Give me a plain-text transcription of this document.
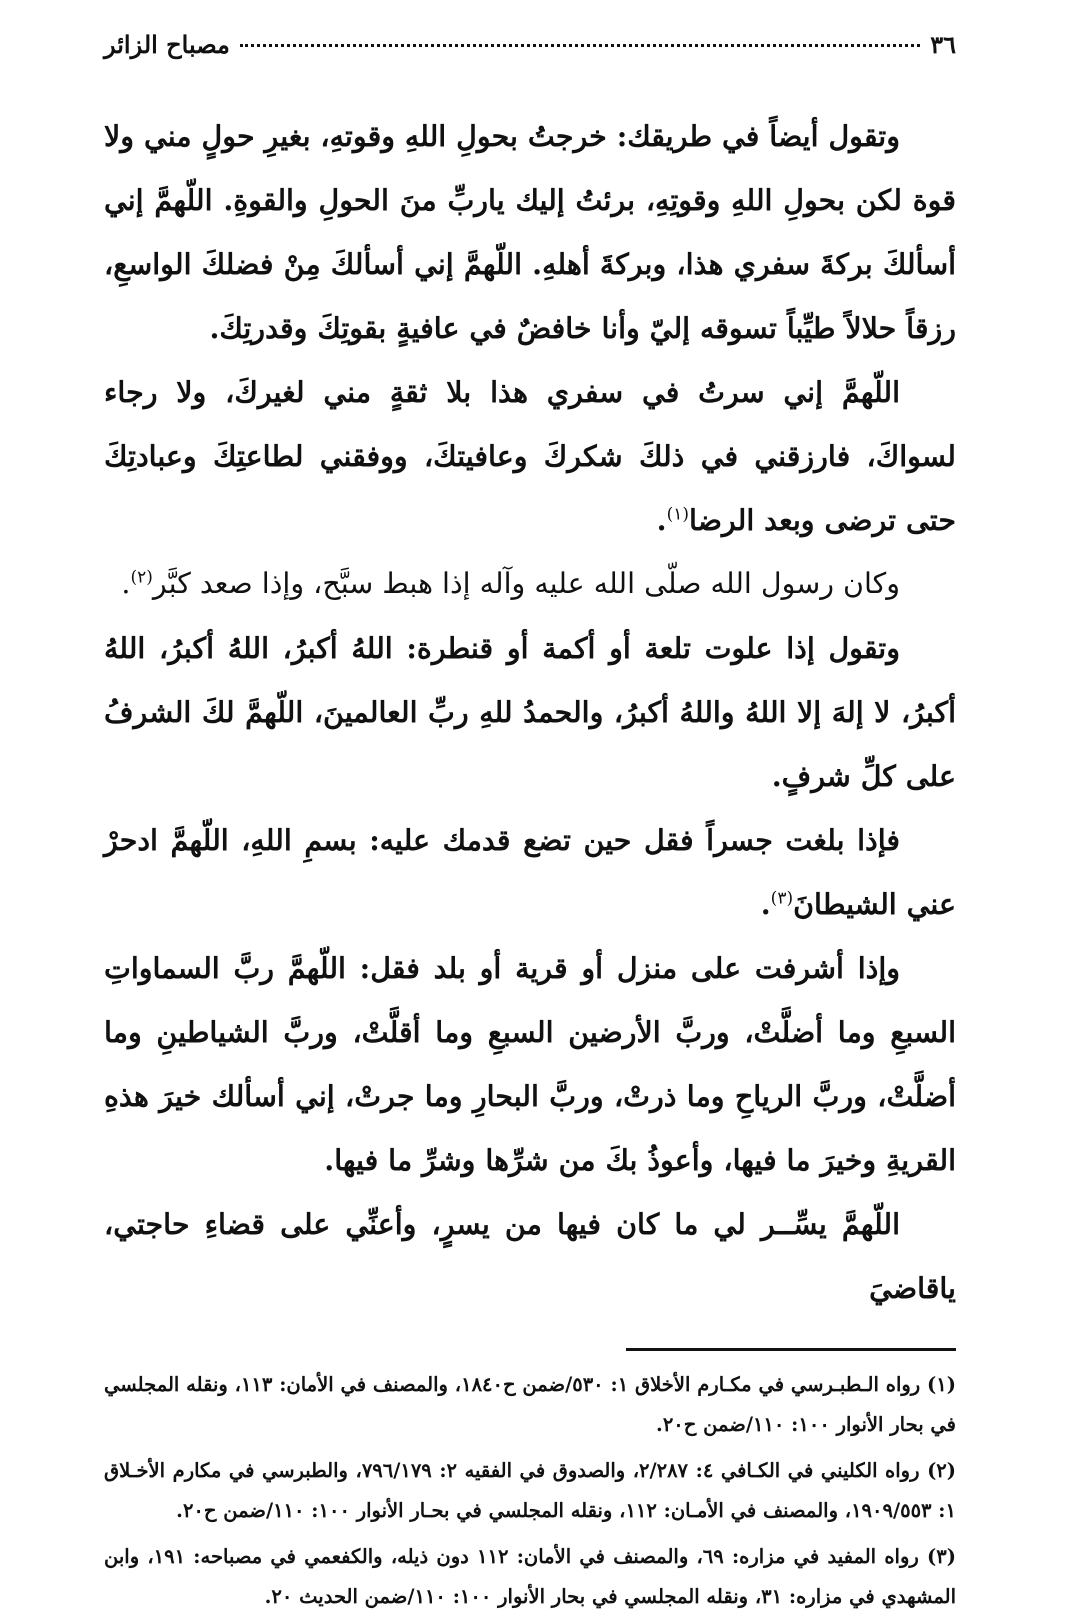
٣٦
مصباح الزائر

وتقول أيضاً في طريقك: خرجتُ بحولِ اللهِ وقوتهِ، بغيرِ حولٍ مني ولا قوة لكن بحولِ اللهِ وقوتِهِ، برئتُ إليك ياربِّ منَ الحولِ والقوةِ. اللّهمَّ إني أسألكَ بركةَ سفري هذا، وبركةَ أهلهِ. اللّهمَّ إني أسألكَ مِنْ فضلكَ الواسعِ، رزقاً حلالاً طيِّباً تسوقه إليّ وأنا خافضٌ في عافيةٍ بقوتِكَ وقدرتِكَ.

اللّهمَّ إني سرتُ في سفري هذا بلا ثقةٍ مني لغيركَ، ولا رجاء لسواكَ، فارزقني في ذلكَ شكركَ وعافيتكَ، ووفقني لطاعتِكَ وعبادتِكَ حتى ترضى وبعد الرضا$^{(١)}$.

وكان رسول الله صلّى الله عليه وآله إذا هبط سبَّح، وإذا صعد كبَّر$^{(٢)}$.

وتقول إذا علوت تلعة أو أكمة أو قنطرة: اللهُ أكبرُ، اللهُ أكبرُ، اللهُ أكبرُ، لا إلهَ إلا اللهُ واللهُ أكبرُ، والحمدُ للهِ ربِّ العالمينَ، اللّهمَّ لكَ الشرفُ على كلِّ شرفٍ.

فإذا بلغت جسراً فقل حين تضع قدمك عليه: بسمِ اللهِ، اللّهمَّ ادحرْ عني الشيطانَ$^{(٣)}$.

وإذا أشرفت على منزل أو قرية أو بلد فقل: اللّهمَّ ربَّ السماواتِ السبعِ وما أضلَّتْ، وربَّ الأرضين السبعِ وما أقلَّتْ، وربَّ الشياطينِ وما أضلَّتْ، وربَّ الرياحِ وما ذرتْ، وربَّ البحارِ وما جرتْ، إني أسألك خيرَ هذهِ القريةِ وخيرَ ما فيها، وأعوذُ بكَ من شرِّها وشرِّ ما فيها.

اللّهمَّ يسِّــر لي ما كان فيها من يسرٍ، وأعنِّي على قضاءِ حاجتي، ياقاضيَ

(١) رواه الـطبـرسي في مكـارم الأخلاق ١: ٥٣٠/ضمن ح١٨٤٠، والمصنف في الأمان: ١١٣، ونقله المجلسي في بحار الأنوار ١٠٠: ١١٠/ضمن ح٢٠.

(٢) رواه الكليني في الكـافي ٤: ٢/٢٨٧، والصدوق في الفقيه ٢: ٧٩٦/١٧٩، والطبرسي في مكارم الأخـلاق ١: ١٩٠٩/٥٥٣، والمصنف في الأمـان: ١١٢، ونقله المجلسي في بحـار الأنوار ١٠٠: ١١٠/ضمن ح٢٠.

(٣) رواه المفيد في مزاره: ٦٩، والمصنف في الأمان: ١١٢ دون ذيله، والكفعمي في مصباحه: ١٩١، وابن المشهدي في مزاره: ٣١، ونقله المجلسي في بحار الأنوار ١٠٠: ١١٠/ضمن الحديث ٢٠.
